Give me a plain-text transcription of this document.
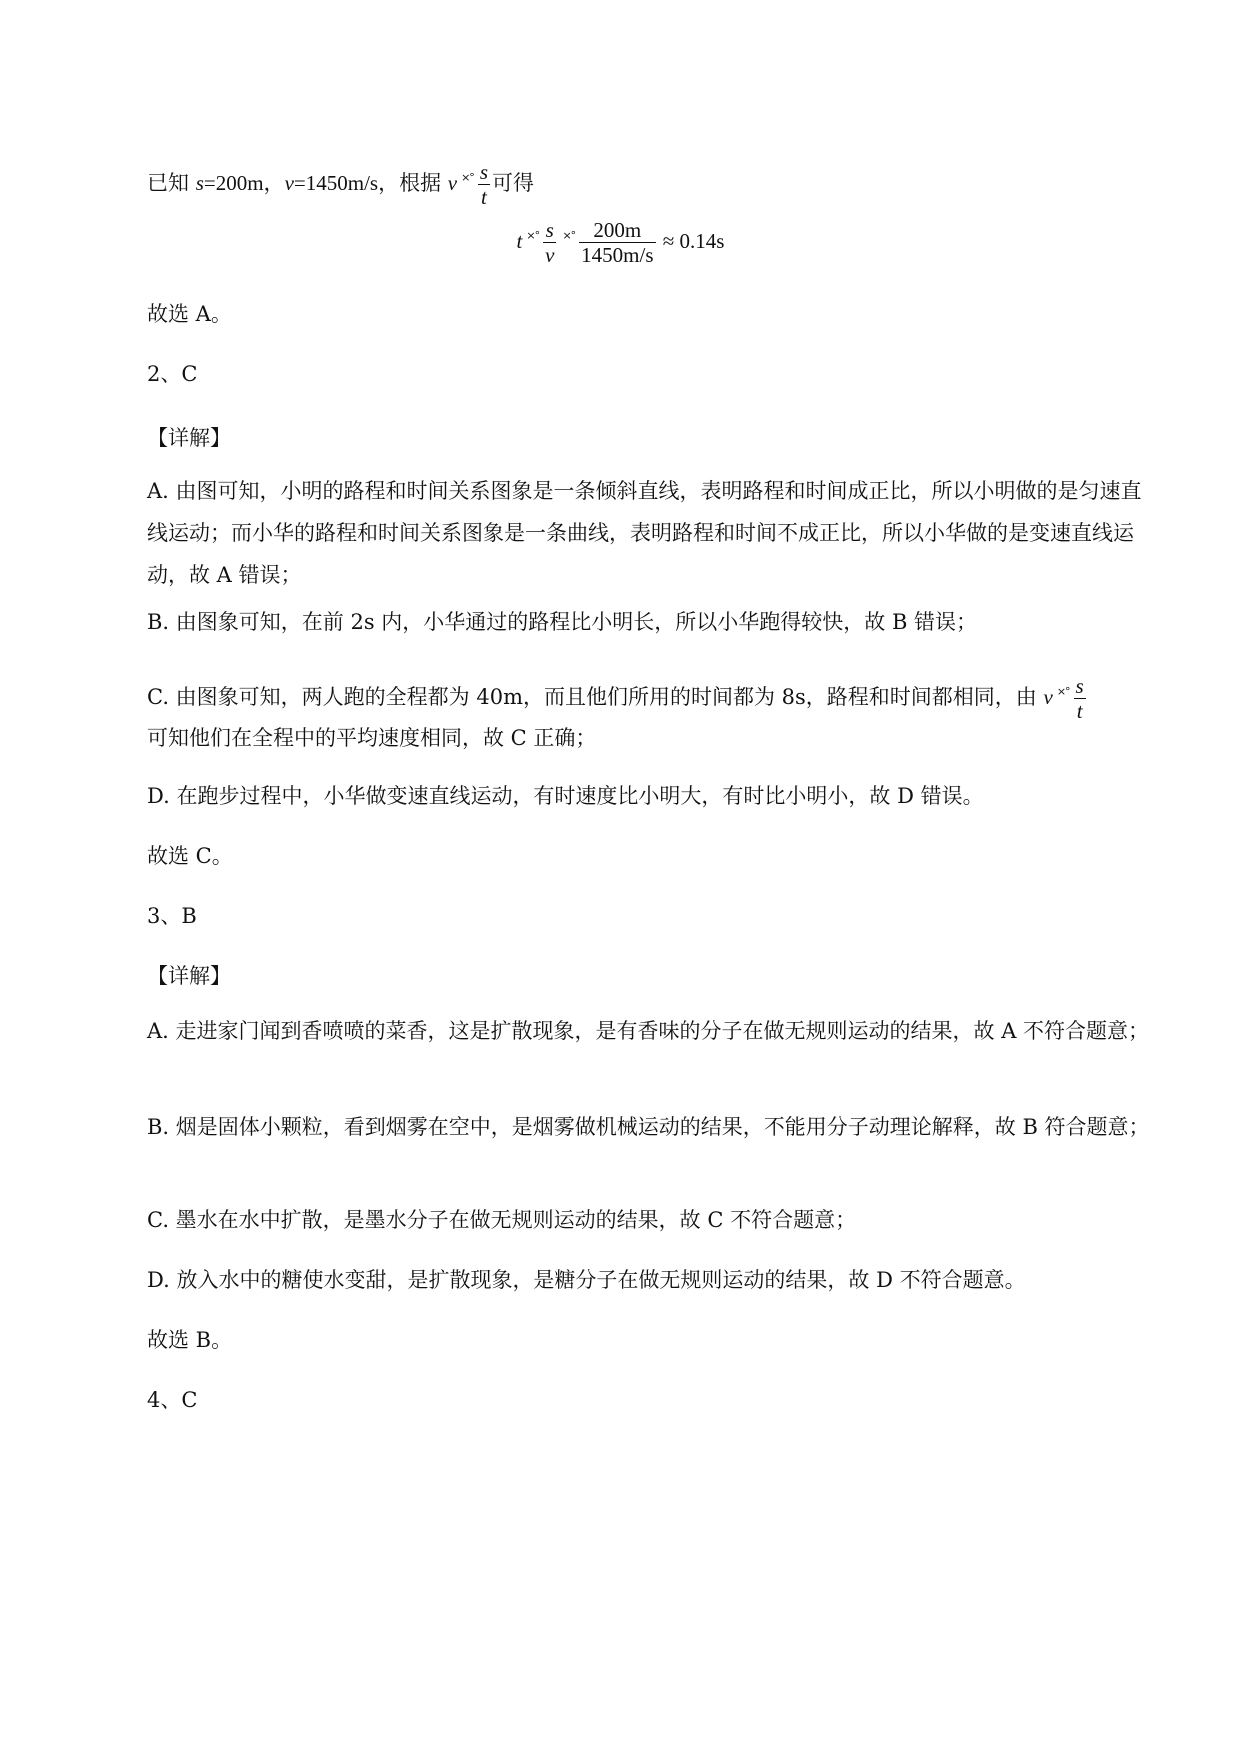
已知 s=200m，v=1450m/s，根据 v $^{\times^\circ} \frac{s}{t}$ 可得
t $^{\times^\circ} \frac{s}{v} ^{\times^\circ} \frac{200m}{1450m/s} \approx 0.14s$
故选 A。
2、C
【详解】
A. 由图可知，小明的路程和时间关系图象是一条倾斜直线，表明路程和时间成正比，所以小明做的是匀速直线运动；而小华的路程和时间关系图象是一条曲线，表明路程和时间不成正比，所以小华做的是变速直线运动，故 A 错误；
B. 由图象可知，在前 2s 内，小华通过的路程比小明长，所以小华跑得较快，故 B 错误；
C. 由图象可知，两人跑的全程都为 40m，而且他们所用的时间都为 8s，路程和时间都相同，由 v $^{\times^\circ} \frac{s}{t}$
可知他们在全程中的平均速度相同，故 C 正确；
D. 在跑步过程中，小华做变速直线运动，有时速度比小明大，有时比小明小，故 D 错误。
故选 C。
3、B
【详解】
A. 走进家门闻到香喷喷的菜香，这是扩散现象，是有香味的分子在做无规则运动的结果，故 A 不符合题意；
B. 烟是固体小颗粒，看到烟雾在空中，是烟雾做机械运动的结果，不能用分子动理论解释，故 B 符合题意；
C. 墨水在水中扩散，是墨水分子在做无规则运动的结果，故 C 不符合题意；
D. 放入水中的糖使水变甜，是扩散现象，是糖分子在做无规则运动的结果，故 D 不符合题意。
故选 B。
4、C
